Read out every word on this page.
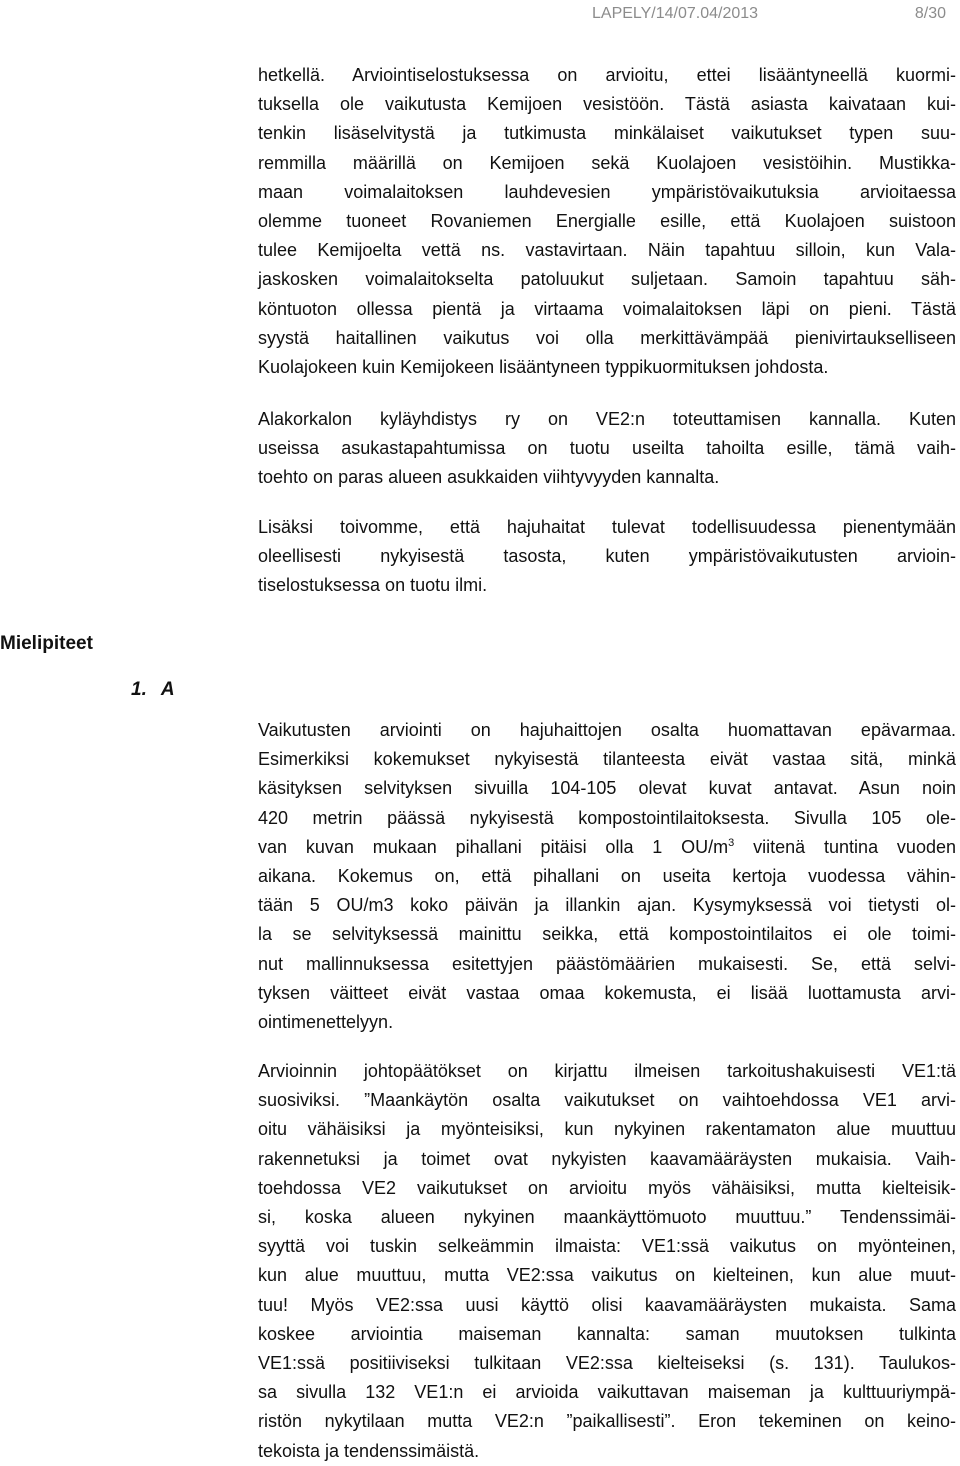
LAPELY/14/07.04/2013	8/30
hetkellä. Arviointiselostuksessa on arvioitu, ettei lisääntyneellä kuormi-
tuksella ole vaikutusta Kemijoen vesistöön. Tästä asiasta kaivataan kui-
tenkin lisäselvitystä ja tutkimusta minkälaiset vaikutukset typen suu-
remmilla määrillä on Kemijoen sekä Kuolajoen vesistöihin. Mustikka-
maan voimalaitoksen lauhdevesien ympäristövaikutuksia arvioitaessa
olemme tuoneet Rovaniemen Energialle esille, että Kuolajoen suistoon
tulee Kemijoelta vettä ns. vastavirtaan. Näin tapahtuu silloin, kun Vala-
jaskosken voimalaitokselta patoluukut suljetaan. Samoin tapahtuu säh-
köntuoton ollessa pientä ja virtaama voimalaitoksen läpi on pieni. Tästä
syystä haitallinen vaikutus voi olla merkittävämpää pienivirtaukselliseen
Kuolajokeen kuin Kemijokeen lisääntyneen typpikuormituksen johdosta.
Alakorkalon kyläyhdistys ry on VE2:n toteuttamisen kannalla. Kuten
useissa asukastapahtumissa on tuotu useilta tahoilta esille, tämä vaih-
toehto on paras alueen asukkaiden viihtyvyyden kannalta.
Lisäksi toivomme, että hajuhaitat tulevat todellisuudessa pienentymään
oleellisesti nykyisestä tasosta, kuten ympäristövaikutusten arvioin-
tiselostuksessa on tuotu ilmi.
Mielipiteet
1. A
Vaikutusten arviointi on hajuhaittojen osalta huomattavan epävarmaa.
Esimerkiksi kokemukset nykyisestä tilanteesta eivät vastaa sitä, minkä
käsityksen selvityksen sivuilla 104-105 olevat kuvat antavat. Asun noin
420 metrin päässä nykyisestä kompostointilaitoksesta. Sivulla 105 ole-
van kuvan mukaan pihallani pitäisi olla 1 $OU/m^3$ viitenä tuntina vuoden
aikana. Kokemus on, että pihallani on useita kertoja vuodessa vähin-
tään 5 OU/m3 koko päivän ja illankin ajan. Kysymyksessä voi tietysti ol-
la se selvityksessä mainittu seikka, että kompostointilaitos ei ole toimi-
nut mallinnuksessa esitettyjen päästömäärien mukaisesti. Se, että selvi-
tyksen väitteet eivät vastaa omaa kokemusta, ei lisää luottamusta arvi-
ointimenettelyyn.
Arvioinnin johtopäätökset on kirjattu ilmeisen tarkoitushakuisesti VE1:tä
suosiviksi. ”Maankäytön osalta vaikutukset on vaihtoehdossa VE1 arvi-
oitu vähäisiksi ja myönteisiksi, kun nykyinen rakentamaton alue muuttuu
rakennetuksi ja toimet ovat nykyisten kaavamääräysten mukaisia. Vaih-
toehdossa VE2 vaikutukset on arvioitu myös vähäisiksi, mutta kielteisik-
si, koska alueen nykyinen maankäyttömuoto muuttuu.” Tendenssimäi-
syyttä voi tuskin selkeämmin ilmaista: VE1:ssä vaikutus on myönteinen,
kun alue muuttuu, mutta VE2:ssa vaikutus on kielteinen, kun alue muut-
tuu! Myös VE2:ssa uusi käyttö olisi kaavamääräysten mukaista. Sama
koskee arviointia maiseman kannalta: saman muutoksen tulkinta
VE1:ssä positiiviseksi tulkitaan VE2:ssa kielteiseksi (s. 131). Taulukos-
sa sivulla 132 VE1:n ei arvioida vaikuttavan maiseman ja kulttuuriympä-
ristön nykytilaan mutta VE2:n ”paikallisesti”. Eron tekeminen on keino-
tekoista ja tendenssimäistä.
